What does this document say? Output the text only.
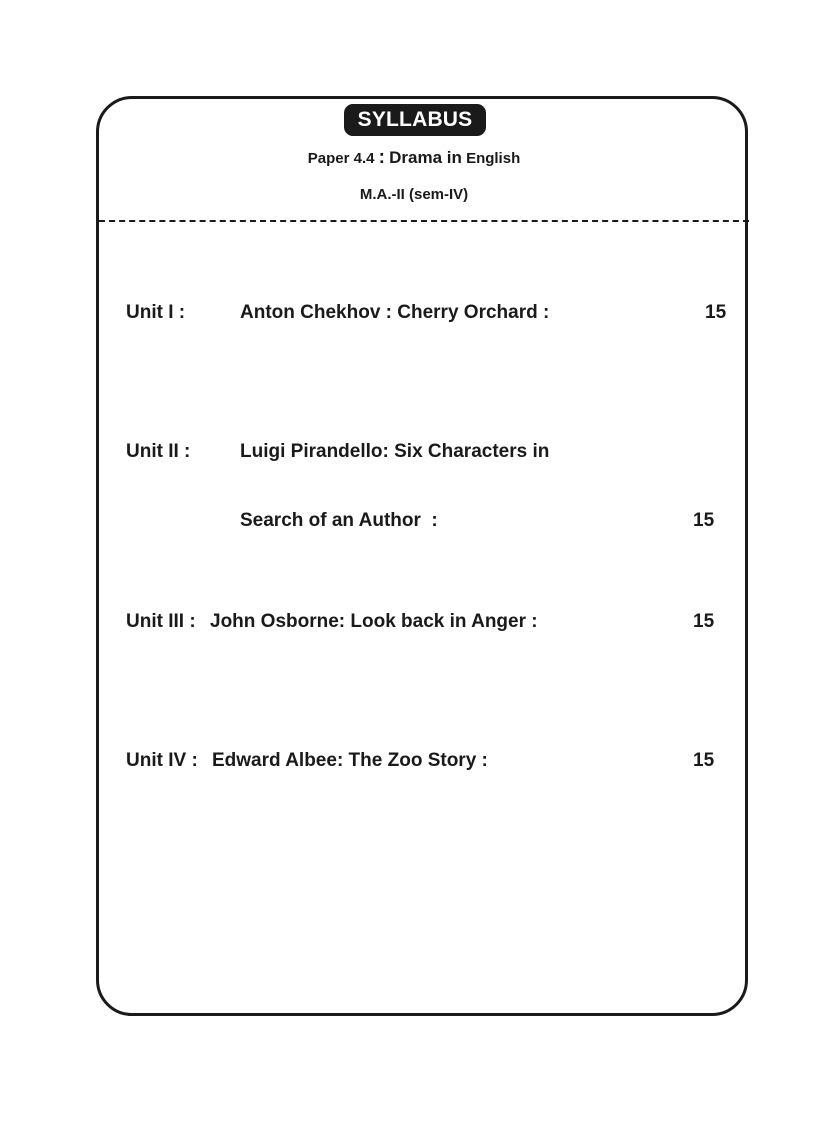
SYLLABUS
Paper 4.4 : Drama in English
M.A.-II (sem-IV)
Unit I :	Anton Chekhov : Cherry Orchard :	15
Unit II :	Luigi Pirandello: Six Characters in
Search of an Author  :	15
Unit III : John Osborne: Look back in Anger :	15
Unit IV : Edward Albee: The Zoo Story :	15
